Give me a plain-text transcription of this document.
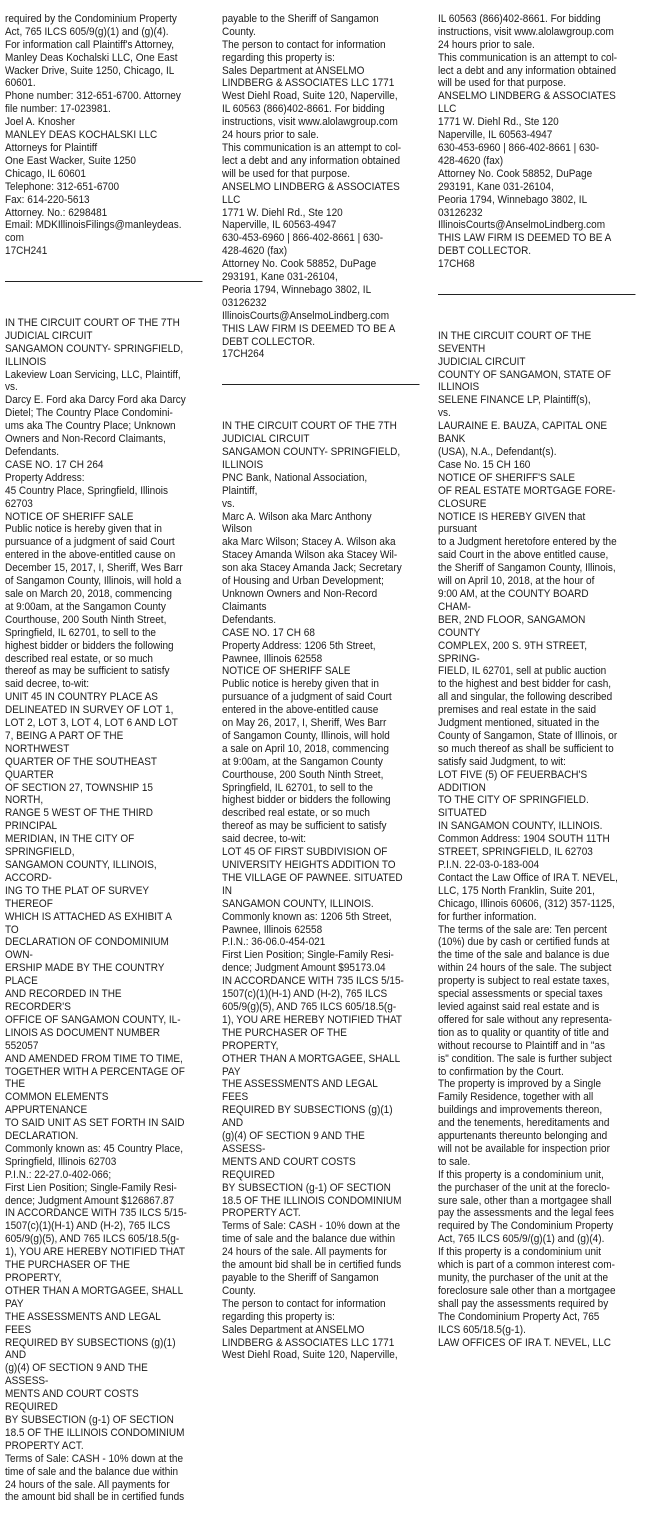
required by the Condominium Property
Act, 765 ILCS 605/9(g)(1) and (g)(4).
For information call Plaintiff's Attorney,
Manley Deas Kochalski LLC, One East
Wacker Drive, Suite 1250, Chicago, IL 60601.
Phone number: 312-651-6700. Attorney
file number: 17-023981.
Joel A. Knosher
MANLEY DEAS KOCHALSKI LLC
Attorneys for Plaintiff
One East Wacker, Suite 1250
Chicago, IL 60601
Telephone: 312-651-6700
Fax: 614-220-5613
Attorney. No.: 6298481
Email: MDKIllinoisFilings@manleydeas.
com
17CH241

IN THE CIRCUIT COURT OF THE 7TH
JUDICIAL CIRCUIT
SANGAMON COUNTY- SPRINGFIELD,
ILLINOIS
Lakeview Loan Servicing, LLC, Plaintiff,
vs.
Darcy E. Ford aka Darcy Ford aka Darcy
Dietel; The Country Place Condomini-
ums aka The Country Place; Unknown
Owners and Non-Record Claimants,
Defendants.
CASE NO. 17 CH 264
Property Address:
45 Country Place, Springfield, Illinois
62703
NOTICE OF SHERIFF SALE
Public notice is hereby given that in
pursuance of a judgment of said Court
entered in the above-entitled cause on
December 15, 2017, I, Sheriff, Wes Barr
of Sangamon County, Illinois, will hold a
sale on March 20, 2018, commencing
at 9:00am, at the Sangamon County
Courthouse, 200 South Ninth Street,
Springfield, IL 62701, to sell to the
highest bidder or bidders the following
described real estate, or so much
thereof as may be sufficient to satisfy
said decree, to-wit:
UNIT 45 IN COUNTRY PLACE AS
DELINEATED IN SURVEY OF LOT 1,
LOT 2, LOT 3, LOT 4, LOT 6 AND LOT
7, BEING A PART OF THE NORTHWEST
QUARTER OF THE SOUTHEAST QUARTER
OF SECTION 27, TOWNSHIP 15 NORTH,
RANGE 5 WEST OF THE THIRD PRINCIPAL
MERIDIAN, IN THE CITY OF SPRINGFIELD,
SANGAMON COUNTY, ILLINOIS, ACCORD-
ING TO THE PLAT OF SURVEY THEREOF
WHICH IS ATTACHED AS EXHIBIT A TO
DECLARATION OF CONDOMINIUM OWN-
ERSHIP MADE BY THE COUNTRY PLACE
AND RECORDED IN THE RECORDER'S
OFFICE OF SANGAMON COUNTY, IL-
LINOIS AS DOCUMENT NUMBER 552057
AND AMENDED FROM TIME TO TIME,
TOGETHER WITH A PERCENTAGE OF THE
COMMON ELEMENTS APPURTENANCE
TO SAID UNIT AS SET FORTH IN SAID
DECLARATION.
Commonly known as: 45 Country Place,
Springfield, Illinois 62703
P.I.N.: 22-27.0-402-066;
First Lien Position; Single-Family Resi-
dence; Judgment Amount $126867.87
IN ACCORDANCE WITH 735 ILCS 5/15-
1507(c)(1)(H-1) AND (H-2), 765 ILCS
605/9(g)(5), AND 765 ILCS 605/18.5(g-
1), YOU ARE HEREBY NOTIFIED THAT
THE PURCHASER OF THE PROPERTY,
OTHER THAN A MORTGAGEE, SHALL PAY
THE ASSESSMENTS AND LEGAL FEES
REQUIRED BY SUBSECTIONS (g)(1) AND
(g)(4) OF SECTION 9 AND THE ASSESS-
MENTS AND COURT COSTS REQUIRED
BY SUBSECTION (g-1) OF SECTION
18.5 OF THE ILLINOIS CONDOMINIUM
PROPERTY ACT.
Terms of Sale: CASH - 10% down at the
time of sale and the balance due within
24 hours of the sale. All payments for
the amount bid shall be in certified funds

payable to the Sheriff of Sangamon
County.
The person to contact for information
regarding this property is:
Sales Department at ANSELMO
LINDBERG & ASSOCIATES LLC 1771
West Diehl Road, Suite 120, Naperville,
IL 60563 (866)402-8661. For bidding
instructions, visit www.alolawgroup.com
24 hours prior to sale.
This communication is an attempt to col-
lect a debt and any information obtained
will be used for that purpose.
ANSELMO LINDBERG & ASSOCIATES LLC
1771 W. Diehl Rd., Ste 120
Naperville, IL 60563-4947
630-453-6960 | 866-402-8661 | 630-
428-4620 (fax)
Attorney No. Cook 58852, DuPage
293191, Kane 031-26104,
Peoria 1794, Winnebago 3802, IL
03126232
IllinoisCourts@AnselmoLindberg.com
THIS LAW FIRM IS DEEMED TO BE A
DEBT COLLECTOR.
17CH264

IN THE CIRCUIT COURT OF THE 7TH
JUDICIAL CIRCUIT
SANGAMON COUNTY- SPRINGFIELD,
ILLINOIS
PNC Bank, National Association, Plaintiff,
vs.
Marc A. Wilson aka Marc Anthony Wilson
aka Marc Wilson; Stacey A. Wilson aka
Stacey Amanda Wilson aka Stacey Wil-
son aka Stacey Amanda Jack; Secretary
of Housing and Urban Development;
Unknown Owners and Non-Record
Claimants
Defendants.
CASE NO. 17 CH 68
Property Address: 1206 5th Street,
Pawnee, Illinois 62558
NOTICE OF SHERIFF SALE
Public notice is hereby given that in
pursuance of a judgment of said Court
entered in the above-entitled cause
on May 26, 2017, I, Sheriff, Wes Barr
of Sangamon County, Illinois, will hold
a sale on April 10, 2018, commencing
at 9:00am, at the Sangamon County
Courthouse, 200 South Ninth Street,
Springfield, IL 62701, to sell to the
highest bidder or bidders the following
described real estate, or so much
thereof as may be sufficient to satisfy
said decree, to-wit:
LOT 45 OF FIRST SUBDIVISION OF
UNIVERSITY HEIGHTS ADDITION TO
THE VILLAGE OF PAWNEE. SITUATED IN
SANGAMON COUNTY, ILLINOIS.
Commonly known as: 1206 5th Street,
Pawnee, Illinois 62558
P.I.N.: 36-06.0-454-021
First Lien Position; Single-Family Resi-
dence; Judgment Amount $95173.04
IN ACCORDANCE WITH 735 ILCS 5/15-
1507(c)(1)(H-1) AND (H-2), 765 ILCS
605/9(g)(5), AND 765 ILCS 605/18.5(g-
1), YOU ARE HEREBY NOTIFIED THAT
THE PURCHASER OF THE PROPERTY,
OTHER THAN A MORTGAGEE, SHALL PAY
THE ASSESSMENTS AND LEGAL FEES
REQUIRED BY SUBSECTIONS (g)(1) AND
(g)(4) OF SECTION 9 AND THE ASSESS-
MENTS AND COURT COSTS REQUIRED
BY SUBSECTION (g-1) OF SECTION
18.5 OF THE ILLINOIS CONDOMINIUM
PROPERTY ACT.
Terms of Sale: CASH - 10% down at the
time of sale and the balance due within
24 hours of the sale. All payments for
the amount bid shall be in certified funds
payable to the Sheriff of Sangamon
County.
The person to contact for information
regarding this property is:
Sales Department at ANSELMO
LINDBERG & ASSOCIATES LLC 1771
West Diehl Road, Suite 120, Naperville,

IL 60563 (866)402-8661. For bidding
instructions, visit www.alolawgroup.com
24 hours prior to sale.
This communication is an attempt to col-
lect a debt and any information obtained
will be used for that purpose.
ANSELMO LINDBERG & ASSOCIATES LLC
1771 W. Diehl Rd., Ste 120
Naperville, IL 60563-4947
630-453-6960 | 866-402-8661 | 630-
428-4620 (fax)
Attorney No. Cook 58852, DuPage
293191, Kane 031-26104,
Peoria 1794, Winnebago 3802, IL
03126232
IllinoisCourts@AnselmoLindberg.com
THIS LAW FIRM IS DEEMED TO BE A
DEBT COLLECTOR.
17CH68

IN THE CIRCUIT COURT OF THE SEVENTH
JUDICIAL CIRCUIT
COUNTY OF SANGAMON, STATE OF
ILLINOIS
SELENE FINANCE LP, Plaintiff(s),
vs.
LAURAINE E. BAUZA, CAPITAL ONE BANK
(USA), N.A., Defendant(s).
Case No. 15 CH 160
NOTICE OF SHERIFF'S SALE
OF REAL ESTATE MORTGAGE FORE-
CLOSURE
NOTICE IS HEREBY GIVEN that pursuant
to a Judgment heretofore entered by the
said Court in the above entitled cause,
the Sheriff of Sangamon County, Illinois,
will on April 10, 2018, at the hour of
9:00 AM, at the COUNTY BOARD CHAM-
BER, 2ND FLOOR, SANGAMON COUNTY
COMPLEX, 200 S. 9TH STREET, SPRING-
FIELD, IL 62701, sell at public auction
to the highest and best bidder for cash,
all and singular, the following described
premises and real estate in the said
Judgment mentioned, situated in the
County of Sangamon, State of Illinois, or
so much thereof as shall be sufficient to
satisfy said Judgment, to wit:
LOT FIVE (5) OF FEUERBACH'S ADDITION
TO THE CITY OF SPRINGFIELD. SITUATED
IN SANGAMON COUNTY, ILLINOIS.
Common Address: 1904 SOUTH 11TH
STREET, SPRINGFIELD, IL 62703
P.I.N. 22-03-0-183-004
Contact the Law Office of IRA T. NEVEL,
LLC, 175 North Franklin, Suite 201,
Chicago, Illinois 60606, (312) 357-1125,
for further information.
The terms of the sale are: Ten percent
(10%) due by cash or certified funds at
the time of the sale and balance is due
within 24 hours of the sale. The subject
property is subject to real estate taxes,
special assessments or special taxes
levied against said real estate and is
offered for sale without any representa-
tion as to quality or quantity of title and
without recourse to Plaintiff and in "as
is" condition. The sale is further subject
to confirmation by the Court.
The property is improved by a Single
Family Residence, together with all
buildings and improvements thereon,
and the tenements, hereditaments and
appurtenants thereunto belonging and
will not be available for inspection prior
to sale.
If this property is a condominium unit,
the purchaser of the unit at the foreclo-
sure sale, other than a mortgagee shall
pay the assessments and the legal fees
required by The Condominium Property
Act, 765 ILCS 605/9/(g)(1) and (g)(4).
If this property is a condominium unit
which is part of a common interest com-
munity, the purchaser of the unit at the
foreclosure sale other than a mortgagee
shall pay the assessments required by
The Condominium Property Act, 765
ILCS 605/18.5(g-1).
LAW OFFICES OF IRA T. NEVEL, LLC
